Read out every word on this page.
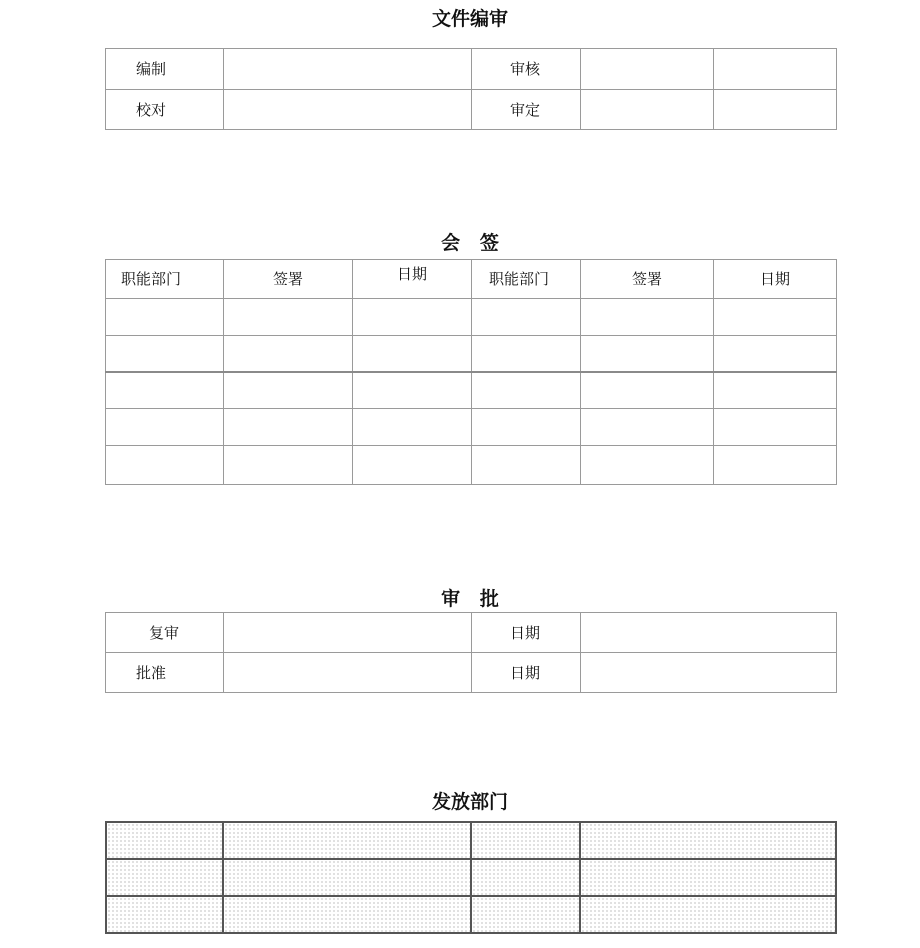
文件编审
编制		审核		
校对		审定		
会   签
职能部门	签署	日期	职能部门	签署	日期

审   批
复审		日期	
批准		日期	
发放部门
